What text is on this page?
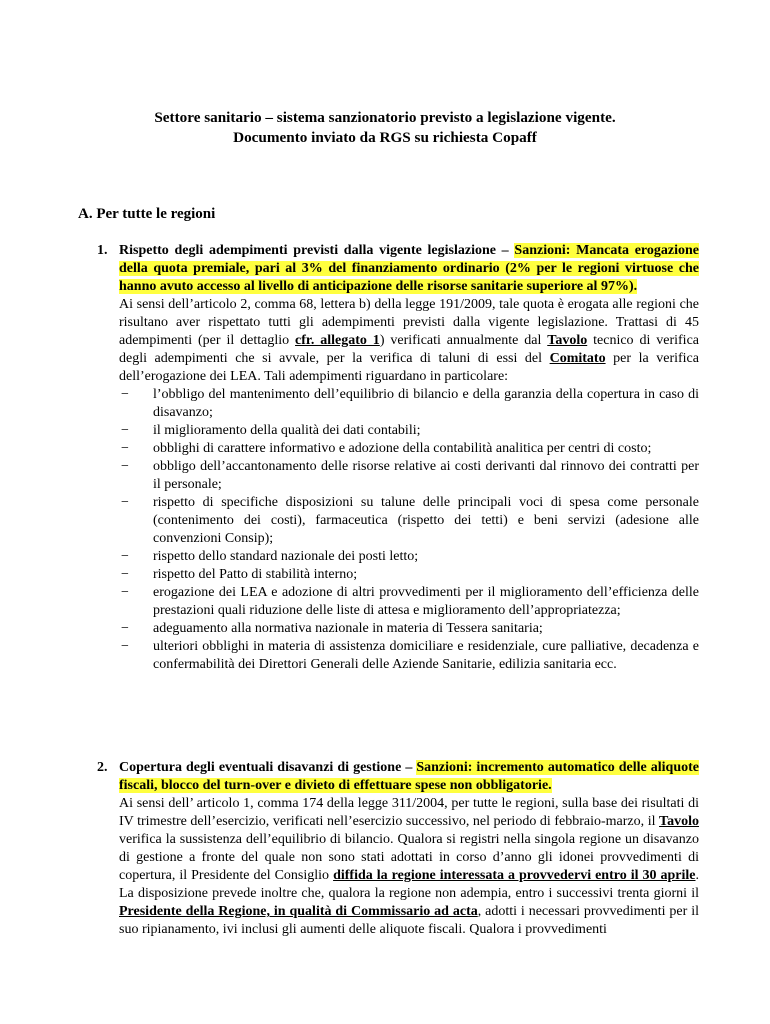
Settore sanitario – sistema sanzionatorio previsto a legislazione vigente.
Documento inviato da RGS su richiesta Copaff
A. Per tutte le regioni
1. Rispetto degli adempimenti previsti dalla vigente legislazione – Sanzioni: Mancata erogazione della quota premiale, pari al 3% del finanziamento ordinario (2% per le regioni virtuose che hanno avuto accesso al livello di anticipazione delle risorse sanitarie superiore al 97%).

Ai sensi dell’articolo 2, comma 68, lettera b) della legge 191/2009, tale quota è erogata alle regioni che risultano aver rispettato tutti gli adempimenti previsti dalla vigente legislazione. Trattasi di 45 adempimenti (per il dettaglio cfr. allegato 1) verificati annualmente dal Tavolo tecnico di verifica degli adempimenti che si avvale, per la verifica di taluni di essi del Comitato per la verifica dell’erogazione dei LEA. Tali adempimenti riguardano in particolare:

− l’obbligo del mantenimento dell’equilibrio di bilancio e della garanzia della copertura in caso di disavanzo;
− il miglioramento della qualità dei dati contabili;
− obblighi di carattere informativo e adozione della contabilità analitica per centri di costo;
− obbligo dell’accantonamento delle risorse relative ai costi derivanti dal rinnovo dei contratti per il personale;
− rispetto di specifiche disposizioni su talune delle principali voci di spesa come personale (contenimento dei costi), farmaceutica (rispetto dei tetti) e beni servizi (adesione alle convenzioni Consip);
− rispetto dello standard nazionale dei posti letto;
− rispetto del Patto di stabilità interno;
− erogazione dei LEA e adozione di altri provvedimenti per il miglioramento dell’efficienza delle prestazioni quali riduzione delle liste di attesa e miglioramento dell’appropriatezza;
− adeguamento alla normativa nazionale in materia di Tessera sanitaria;
− ulteriori obblighi in materia di assistenza domiciliare e residenziale, cure palliative, decadenza e confermabilità dei Direttori Generali delle Aziende Sanitarie, edilizia sanitaria ecc.
2. Copertura degli eventuali disavanzi di gestione – Sanzioni: incremento automatico delle aliquote fiscali, blocco del turn-over e divieto di effettuare spese non obbligatorie.

Ai sensi dell’ articolo 1, comma 174 della legge 311/2004, per tutte le regioni, sulla base dei risultati di IV trimestre dell’esercizio, verificati nell’esercizio successivo, nel periodo di febbraio-marzo, il Tavolo verifica la sussistenza dell’equilibrio di bilancio. Qualora si registri nella singola regione un disavanzo di gestione a fronte del quale non sono stati adottati in corso d’anno gli idonei provvedimenti di copertura, il Presidente del Consiglio diffida la regione interessata a provvedervi entro il 30 aprile. La disposizione prevede inoltre che, qualora la regione non adempia, entro i successivi trenta giorni il Presidente della Regione, in qualità di Commissario ad acta, adotti i necessari provvedimenti per il suo ripianamento, ivi inclusi gli aumenti delle aliquote fiscali. Qualora i provvedimenti
